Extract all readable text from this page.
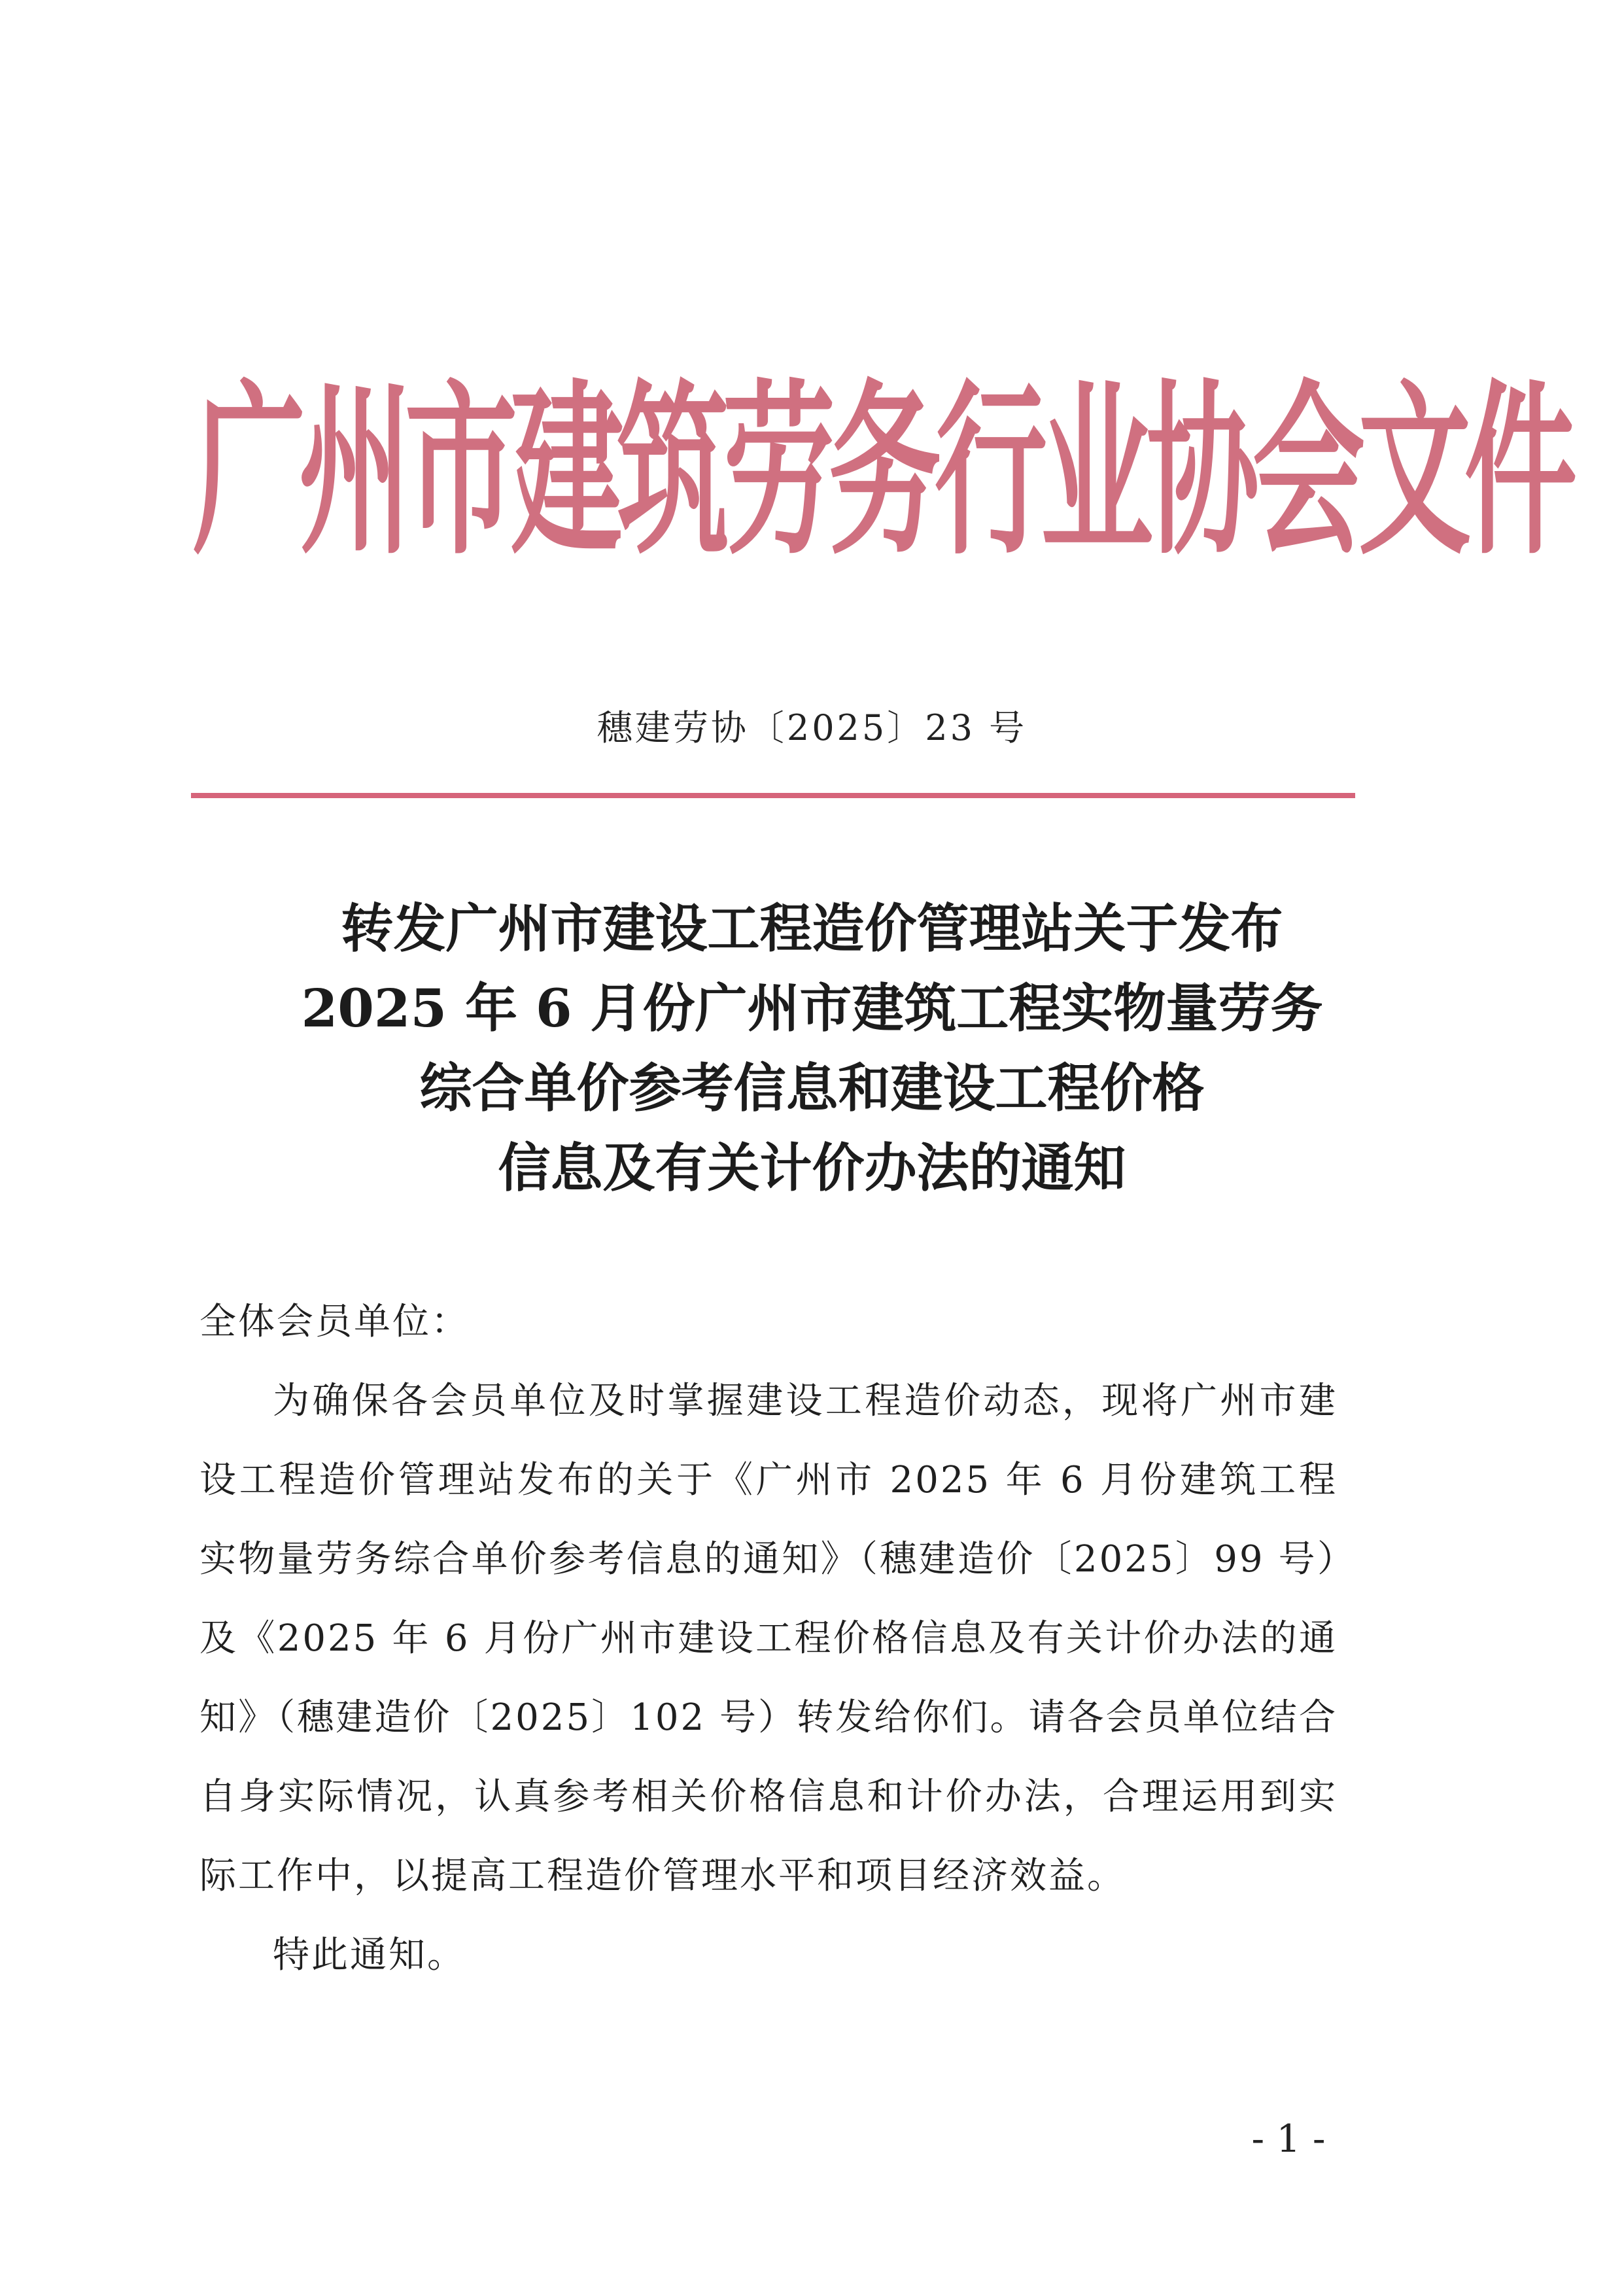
广
州
市
建
筑
劳
务
行
业
协
会
文
件
穗建劳协〔2025〕23 号
转发广州市建设工程造价管理站关于发布
2025 年 6 月份广州市建筑工程实物量劳务
综合单价参考信息和建设工程价格
信息及有关计价办法的通知

全体会员单位：

为确保各会员单位及时掌握建设工程造价动态，现将广州市建设工程造价管理站发布的关于《广州市 2025 年 6 月份建筑工程实物量劳务综合单价参考信息的通知》（穗建造价〔2025〕99 号）及《2025 年 6 月份广州市建设工程价格信息及有关计价办法的通知》（穗建造价〔2025〕102 号）转发给你们。请各会员单位结合自身实际情况，认真参考相关价格信息和计价办法，合理运用到实际工作中，以提高工程造价管理水平和项目经济效益。

特此通知。

- 1 -
